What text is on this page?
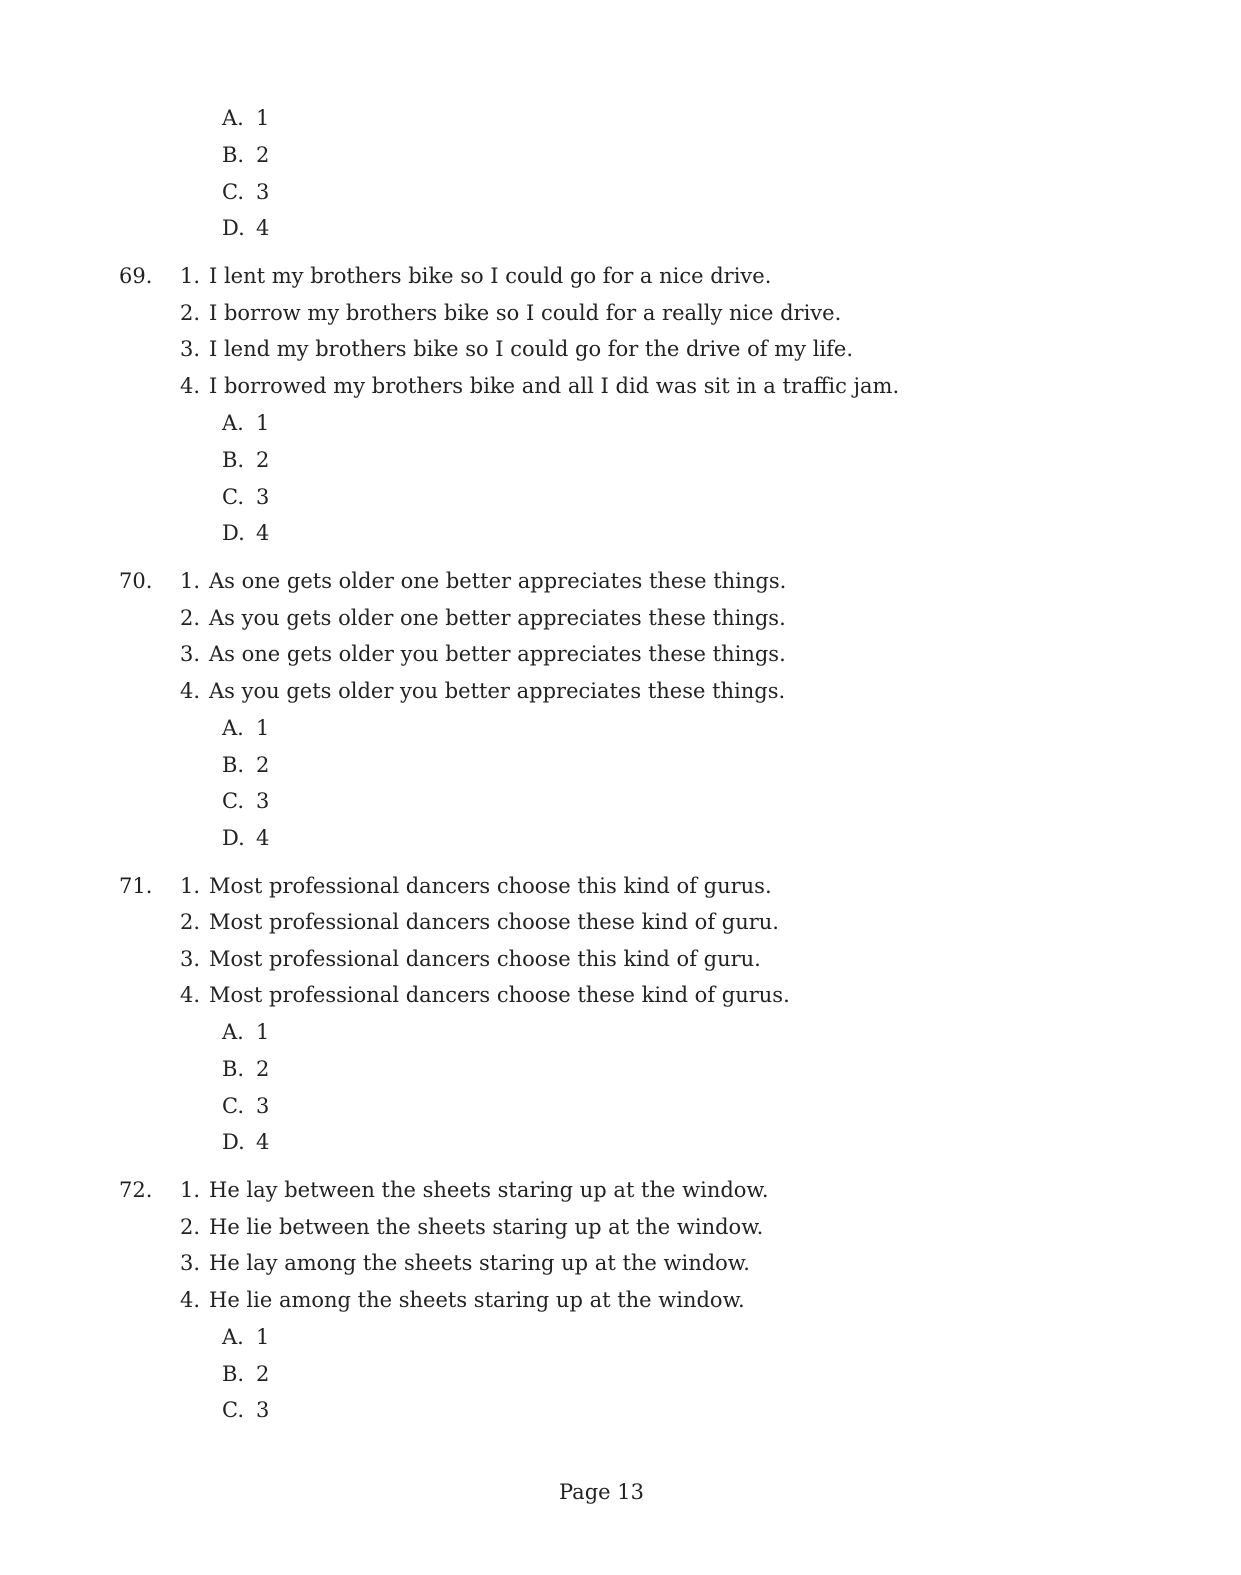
A. 1
B. 2
C. 3
D. 4
69. 1. I lent my brothers bike so I could go for a nice drive.
2. I borrow my brothers bike so I could for a really nice drive.
3. I lend my brothers bike so I could go for the drive of my life.
4. I borrowed my brothers bike and all I did was sit in a traffic jam.
A. 1
B. 2
C. 3
D. 4
70. 1. As one gets older one better appreciates these things.
2. As you gets older one better appreciates these things.
3. As one gets older you better appreciates these things.
4. As you gets older you better appreciates these things.
A. 1
B. 2
C. 3
D. 4
71. 1. Most professional dancers choose this kind of gurus.
2. Most professional dancers choose these kind of guru.
3. Most professional dancers choose this kind of guru.
4. Most professional dancers choose these kind of gurus.
A. 1
B. 2
C. 3
D. 4
72. 1. He lay between the sheets staring up at the window.
2. He lie between the sheets staring up at the window.
3. He lay among the sheets staring up at the window.
4. He lie among the sheets staring up at the window.
A. 1
B. 2
C. 3
Page 13
